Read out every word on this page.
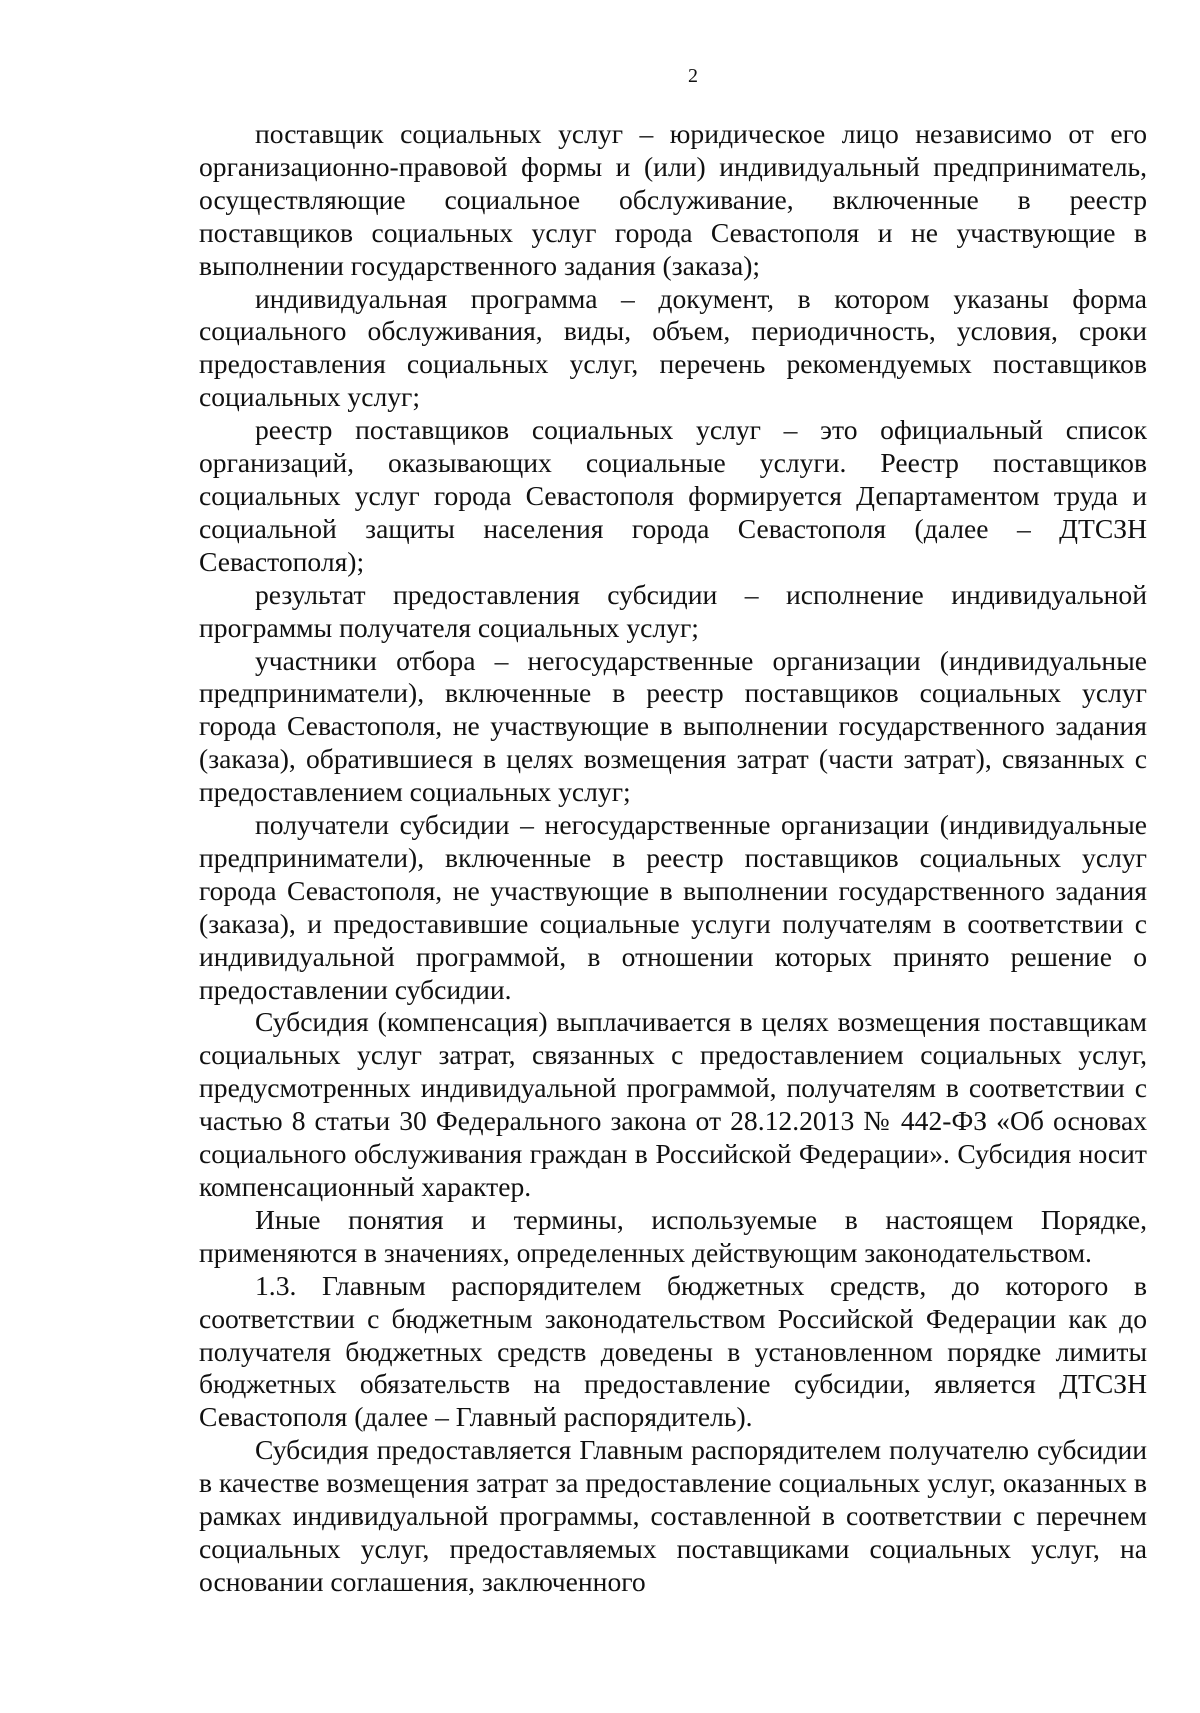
2

поставщик социальных услуг – юридическое лицо независимо от его организационно-правовой формы и (или) индивидуальный предприниматель, осуществляющие социальное обслуживание, включенные в реестр поставщиков социальных услуг города Севастополя и не участвующие в выполнении государственного задания (заказа);

индивидуальная программа – документ, в котором указаны форма социального обслуживания, виды, объем, периодичность, условия, сроки предоставления социальных услуг, перечень рекомендуемых поставщиков социальных услуг;

реестр поставщиков социальных услуг – это официальный список организаций, оказывающих социальные услуги. Реестр поставщиков социальных услуг города Севастополя формируется Департаментом труда и социальной защиты населения города Севастополя (далее – ДТСЗН Севастополя);

результат предоставления субсидии – исполнение индивидуальной программы получателя социальных услуг;

участники отбора – негосударственные организации (индивидуальные предприниматели), включенные в реестр поставщиков социальных услуг города Севастополя, не участвующие в выполнении государственного задания (заказа), обратившиеся в целях возмещения затрат (части затрат), связанных с предоставлением социальных услуг;

получатели субсидии – негосударственные организации (индивидуальные предприниматели), включенные в реестр поставщиков социальных услуг города Севастополя, не участвующие в выполнении государственного задания (заказа), и предоставившие социальные услуги получателям в соответствии с индивидуальной программой, в отношении которых принято решение о предоставлении субсидии.

Субсидия (компенсация) выплачивается в целях возмещения поставщикам социальных услуг затрат, связанных с предоставлением социальных услуг, предусмотренных индивидуальной программой, получателям в соответствии с частью 8 статьи 30 Федерального закона от 28.12.2013 № 442-ФЗ «Об основах социального обслуживания граждан в Российской Федерации». Субсидия носит компенсационный характер.

Иные понятия и термины, используемые в настоящем Порядке, применяются в значениях, определенных действующим законодательством.

1.3. Главным распорядителем бюджетных средств, до которого в соответствии с бюджетным законодательством Российской Федерации как до получателя бюджетных средств доведены в установленном порядке лимиты бюджетных обязательств на предоставление субсидии, является ДТСЗН Севастополя (далее – Главный распорядитель).

Субсидия предоставляется Главным распорядителем получателю субсидии в качестве возмещения затрат за предоставление социальных услуг, оказанных в рамках индивидуальной программы, составленной в соответствии с перечнем социальных услуг, предоставляемых поставщиками социальных услуг, на основании соглашения, заключенного
